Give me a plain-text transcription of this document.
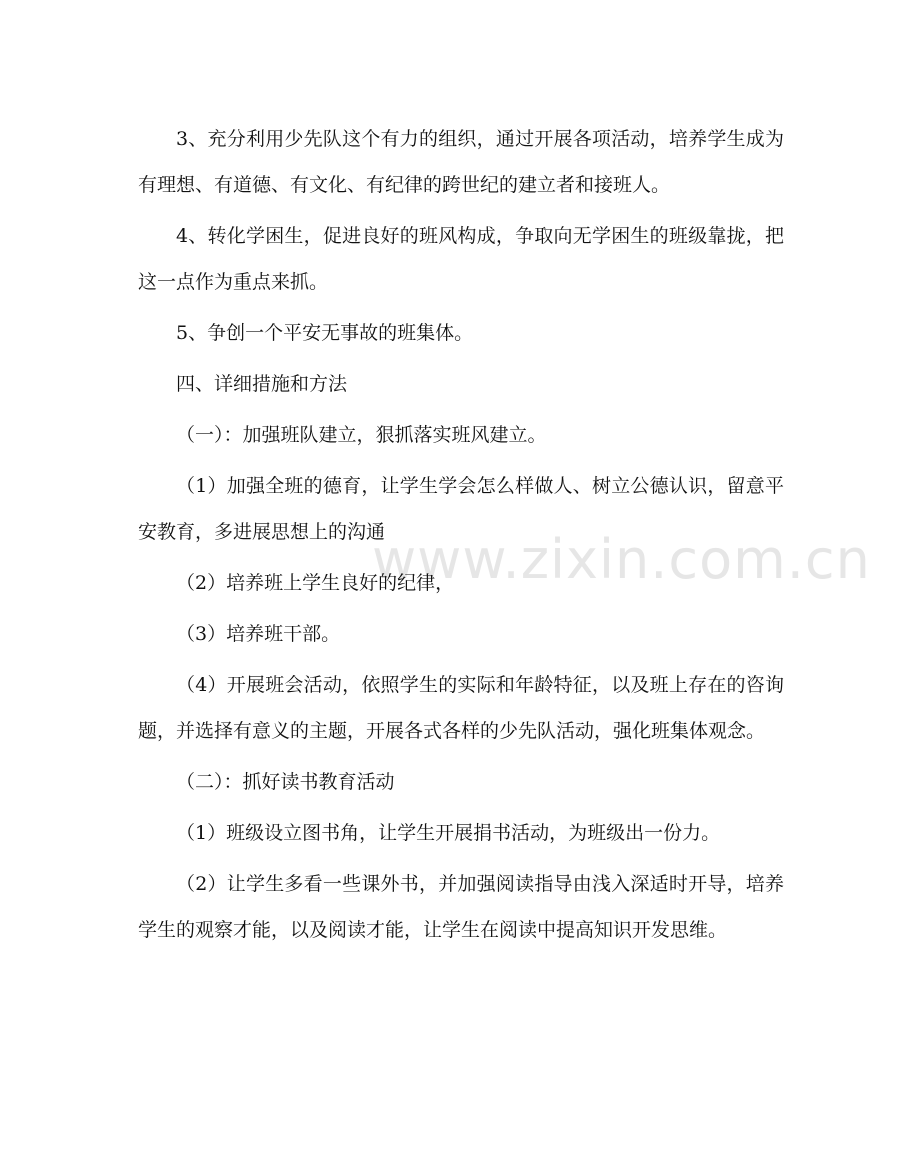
www.zixin.com.cn

3、充分利用少先队这个有力的组织，通过开展各项活动，培养学生成为有理想、有道德、有文化、有纪律的跨世纪的建立者和接班人。

4、转化学困生，促进良好的班风构成，争取向无学困生的班级靠拢，把这一点作为重点来抓。

5、争创一个平安无事故的班集体。

四、详细措施和方法

（一）：加强班队建立，狠抓落实班风建立。

（1）加强全班的德育，让学生学会怎么样做人、树立公德认识，留意平安教育，多进展思想上的沟通

（2）培养班上学生良好的纪律，

（3）培养班干部。

（4）开展班会活动，依照学生的实际和年龄特征，以及班上存在的咨询题，并选择有意义的主题，开展各式各样的少先队活动，强化班集体观念。

（二）：抓好读书教育活动

（1）班级设立图书角，让学生开展捐书活动，为班级出一份力。

（2）让学生多看一些课外书，并加强阅读指导由浅入深适时开导，培养学生的观察才能，以及阅读才能，让学生在阅读中提高知识开发思维。
